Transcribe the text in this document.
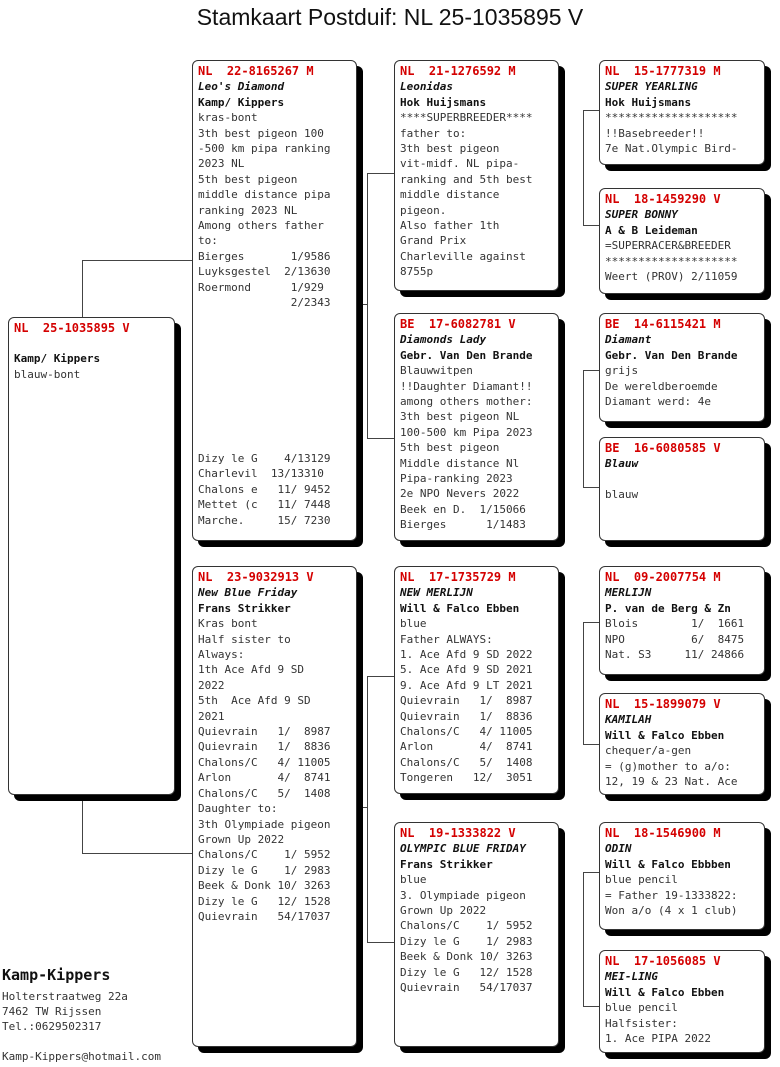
Stamkaart Postduif: NL 25-1035895 V
NL  25-1035895 V
Kamp/ Kippers
blauw-bont
NL  22-8165267 M
Leo's Diamond
Kamp/ Kippers
kras-bont
3th best pigeon 100
-500 km pipa ranking
2023 NL
5th best pigeon
middle distance pipa
ranking 2023 NL
Among others father
to:
Bierges       1/9586
Luyksgestel  2/13630
Roermond      1/929
2/2343
Dizy le G    4/13129
Charlevil  13/13310
Chalons e   11/ 9452
Mettet (c   11/ 7448
Marche.     15/ 7230
NL  23-9032913 V
New Blue Friday
Frans Strikker
Kras bont
Half sister to
Always:
1th Ace Afd 9 SD
2022
5th  Ace Afd 9 SD
2021
Quievrain   1/  8987
Quievrain   1/  8836
Chalons/C   4/ 11005
Arlon       4/  8741
Chalons/C   5/  1408
Daughter to:
3th Olympiade pigeon
Grown Up 2022
Chalons/C    1/ 5952
Dizy le G    1/ 2983
Beek & Donk 10/ 3263
Dizy le G   12/ 1528
Quievrain   54/17037
NL  21-1276592 M
Leonidas
Hok Huijsmans
****SUPERBREEDER****
father to:
3th best pigeon
vit-midf. NL pipa-
ranking and 5th best
middle distance
pigeon.
Also father 1th
Grand Prix
Charleville against
8755p
BE  17-6082781 V
Diamonds Lady
Gebr. Van Den Brande
Blauwwitpen
!!Daughter Diamant!!
among others mother:
3th best pigeon NL
100-500 km Pipa 2023
5th best pigeon
Middle distance Nl
Pipa-ranking 2023
2e NPO Nevers 2022
Beek en D.  1/15066
Bierges      1/1483
NL  17-1735729 M
NEW MERLIJN
Will & Falco Ebben
blue
Father ALWAYS:
1. Ace Afd 9 SD 2022
5. Ace Afd 9 SD 2021
9. Ace Afd 9 LT 2021
Quievrain   1/  8987
Quievrain   1/  8836
Chalons/C   4/ 11005
Arlon       4/  8741
Chalons/C   5/  1408
Tongeren   12/  3051
NL  19-1333822 V
OLYMPIC BLUE FRIDAY
Frans Strikker
blue
3. Olympiade pigeon
Grown Up 2022
Chalons/C    1/ 5952
Dizy le G    1/ 2983
Beek & Donk 10/ 3263
Dizy le G   12/ 1528
Quievrain   54/17037
NL  15-1777319 M
SUPER YEARLING
Hok Huijsmans
********************
!!Basebreeder!!
7e Nat.Olympic Bird-
NL  18-1459290 V
SUPER BONNY
A & B Leideman
=SUPERRACER&BREEDER
********************
Weert (PROV) 2/11059
BE  14-6115421 M
Diamant
Gebr. Van Den Brande
grijs
De wereldberoemde
Diamant werd: 4e
BE  16-6080585 V
Blauw
blauw
NL  09-2007754 M
MERLIJN
P. van de Berg & Zn
Blois        1/  1661
NPO          6/  8475
Nat. S3     11/ 24866
NL  15-1899079 V
KAMILAH
Will & Falco Ebben
chequer/a-gen
= (g)mother to a/o:
12, 19 & 23 Nat. Ace
NL  18-1546900 M
ODIN
Will & Falco Ebbben
blue pencil
= Father 19-1333822:
Won a/o (4 x 1 club)
NL  17-1056085 V
MEI-LING
Will & Falco Ebben
blue pencil
Halfsister:
1. Ace PIPA 2022
Kamp-Kippers
Holterstraatweg 22a
7462 TW Rijssen
Tel.:0629502317
Kamp-Kippers@hotmail.com
